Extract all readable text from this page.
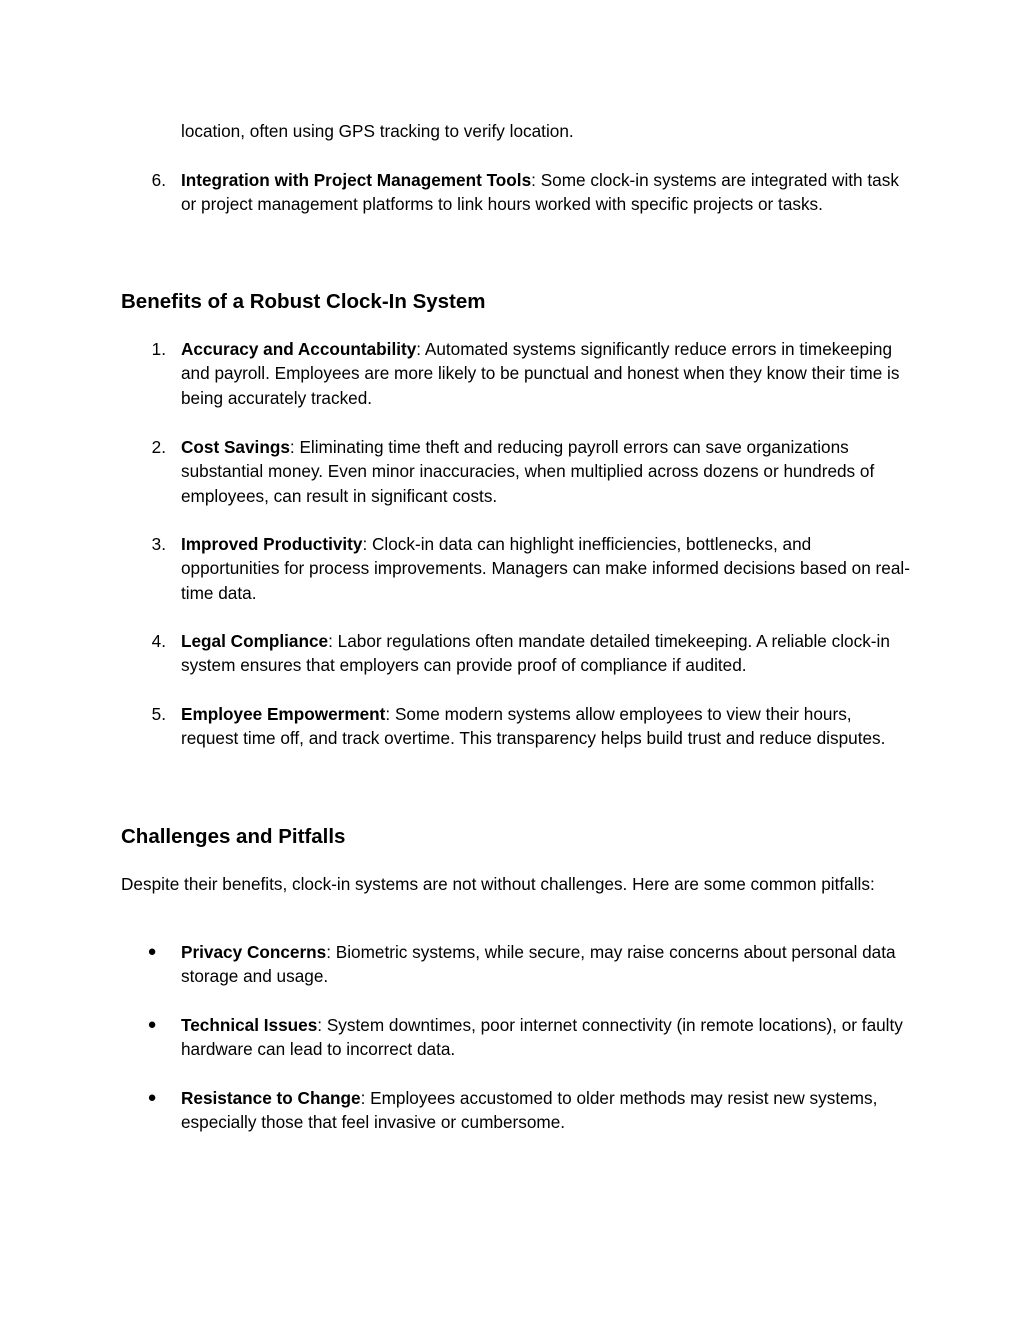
location, often using GPS tracking to verify location.

6. Integration with Project Management Tools: Some clock-in systems are integrated with task or project management platforms to link hours worked with specific projects or tasks.

Benefits of a Robust Clock-In System
1. Accuracy and Accountability: Automated systems significantly reduce errors in timekeeping and payroll. Employees are more likely to be punctual and honest when they know their time is being accurately tracked.

2. Cost Savings: Eliminating time theft and reducing payroll errors can save organizations substantial money. Even minor inaccuracies, when multiplied across dozens or hundreds of employees, can result in significant costs.

3. Improved Productivity: Clock-in data can highlight inefficiencies, bottlenecks, and opportunities for process improvements. Managers can make informed decisions based on real-time data.

4. Legal Compliance: Labor regulations often mandate detailed timekeeping. A reliable clock-in system ensures that employers can provide proof of compliance if audited.

5. Employee Empowerment: Some modern systems allow employees to view their hours, request time off, and track overtime. This transparency helps build trust and reduce disputes.

Challenges and Pitfalls

Despite their benefits, clock-in systems are not without challenges. Here are some common pitfalls:

●	Privacy Concerns: Biometric systems, while secure, may raise concerns about personal data storage and usage.

●	Technical Issues: System downtimes, poor internet connectivity (in remote locations), or faulty hardware can lead to incorrect data.

●	Resistance to Change: Employees accustomed to older methods may resist new systems, especially those that feel invasive or cumbersome.
